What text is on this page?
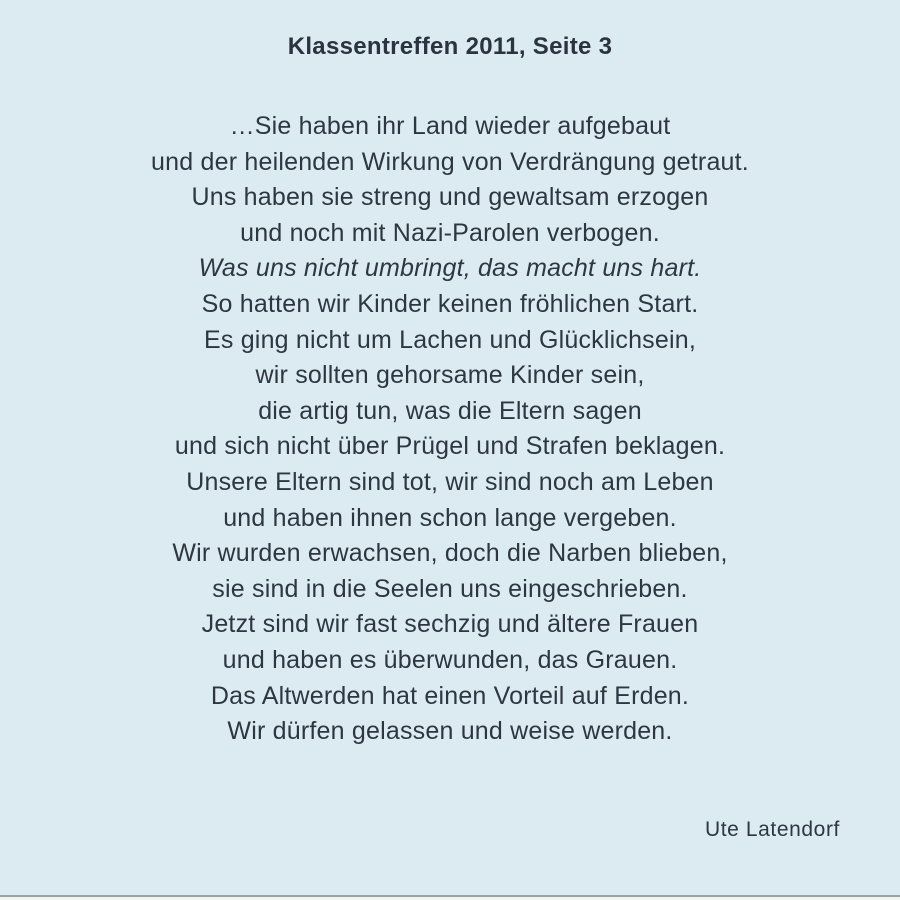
Klassentreffen 2011, Seite 3

…Sie haben ihr Land wieder aufgebaut

und der heilenden Wirkung von Verdrängung getraut.

Uns haben sie streng und gewaltsam erzogen

und noch mit Nazi-Parolen verbogen.

Was uns nicht umbringt, das macht uns hart.

So hatten wir Kinder keinen fröhlichen Start.

Es ging nicht um Lachen und Glücklichsein,

wir sollten gehorsame Kinder sein,

die artig tun, was die Eltern sagen

und sich nicht über Prügel und Strafen beklagen.

Unsere Eltern sind tot, wir sind noch am Leben

und haben ihnen schon lange vergeben.

Wir wurden erwachsen, doch die Narben blieben,

sie sind in die Seelen uns eingeschrieben.

Jetzt sind wir fast sechzig und ältere Frauen

und haben es überwunden, das Grauen.

Das Altwerden hat einen Vorteil auf Erden.

Wir dürfen gelassen und weise werden.

Ute Latendorf
